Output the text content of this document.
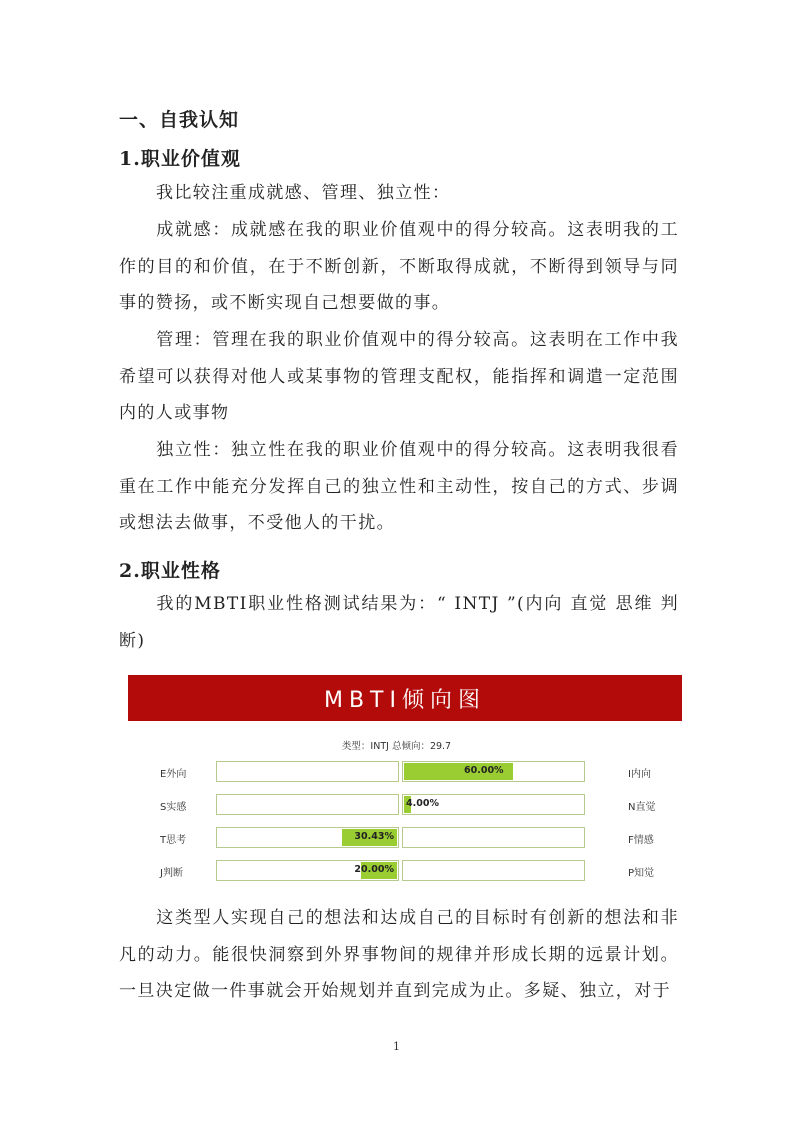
一、自我认知
1.职业价值观

我比较注重成就感、管理、独立性：

成就感：成就感在我的职业价值观中的得分较高。这表明我的工作的目的和价值，在于不断创新，不断取得成就，不断得到领导与同事的赞扬，或不断实现自己想要做的事。

管理：管理在我的职业价值观中的得分较高。这表明在工作中我希望可以获得对他人或某事物的管理支配权，能指挥和调遣一定范围内的人或事物

独立性：独立性在我的职业价值观中的得分较高。这表明我很看重在工作中能充分发挥自己的独立性和主动性，按自己的方式、步调或想法去做事，不受他人的干扰。

2.职业性格

我的MBTI职业性格测试结果为：“ INTJ ”(内向 直觉 思维 判断)

MBTI倾向图
类型：INTJ 总倾向：29.7
E外向	I内向
60.00%
S实感	N直觉
4.00%
T思考	F情感
30.43%
J判断	P知觉
20.00%

这类型人实现自己的想法和达成自己的目标时有创新的想法和非凡的动力。能很快洞察到外界事物间的规律并形成长期的远景计划。一旦决定做一件事就会开始规划并直到完成为止。多疑、独立，对于

1
